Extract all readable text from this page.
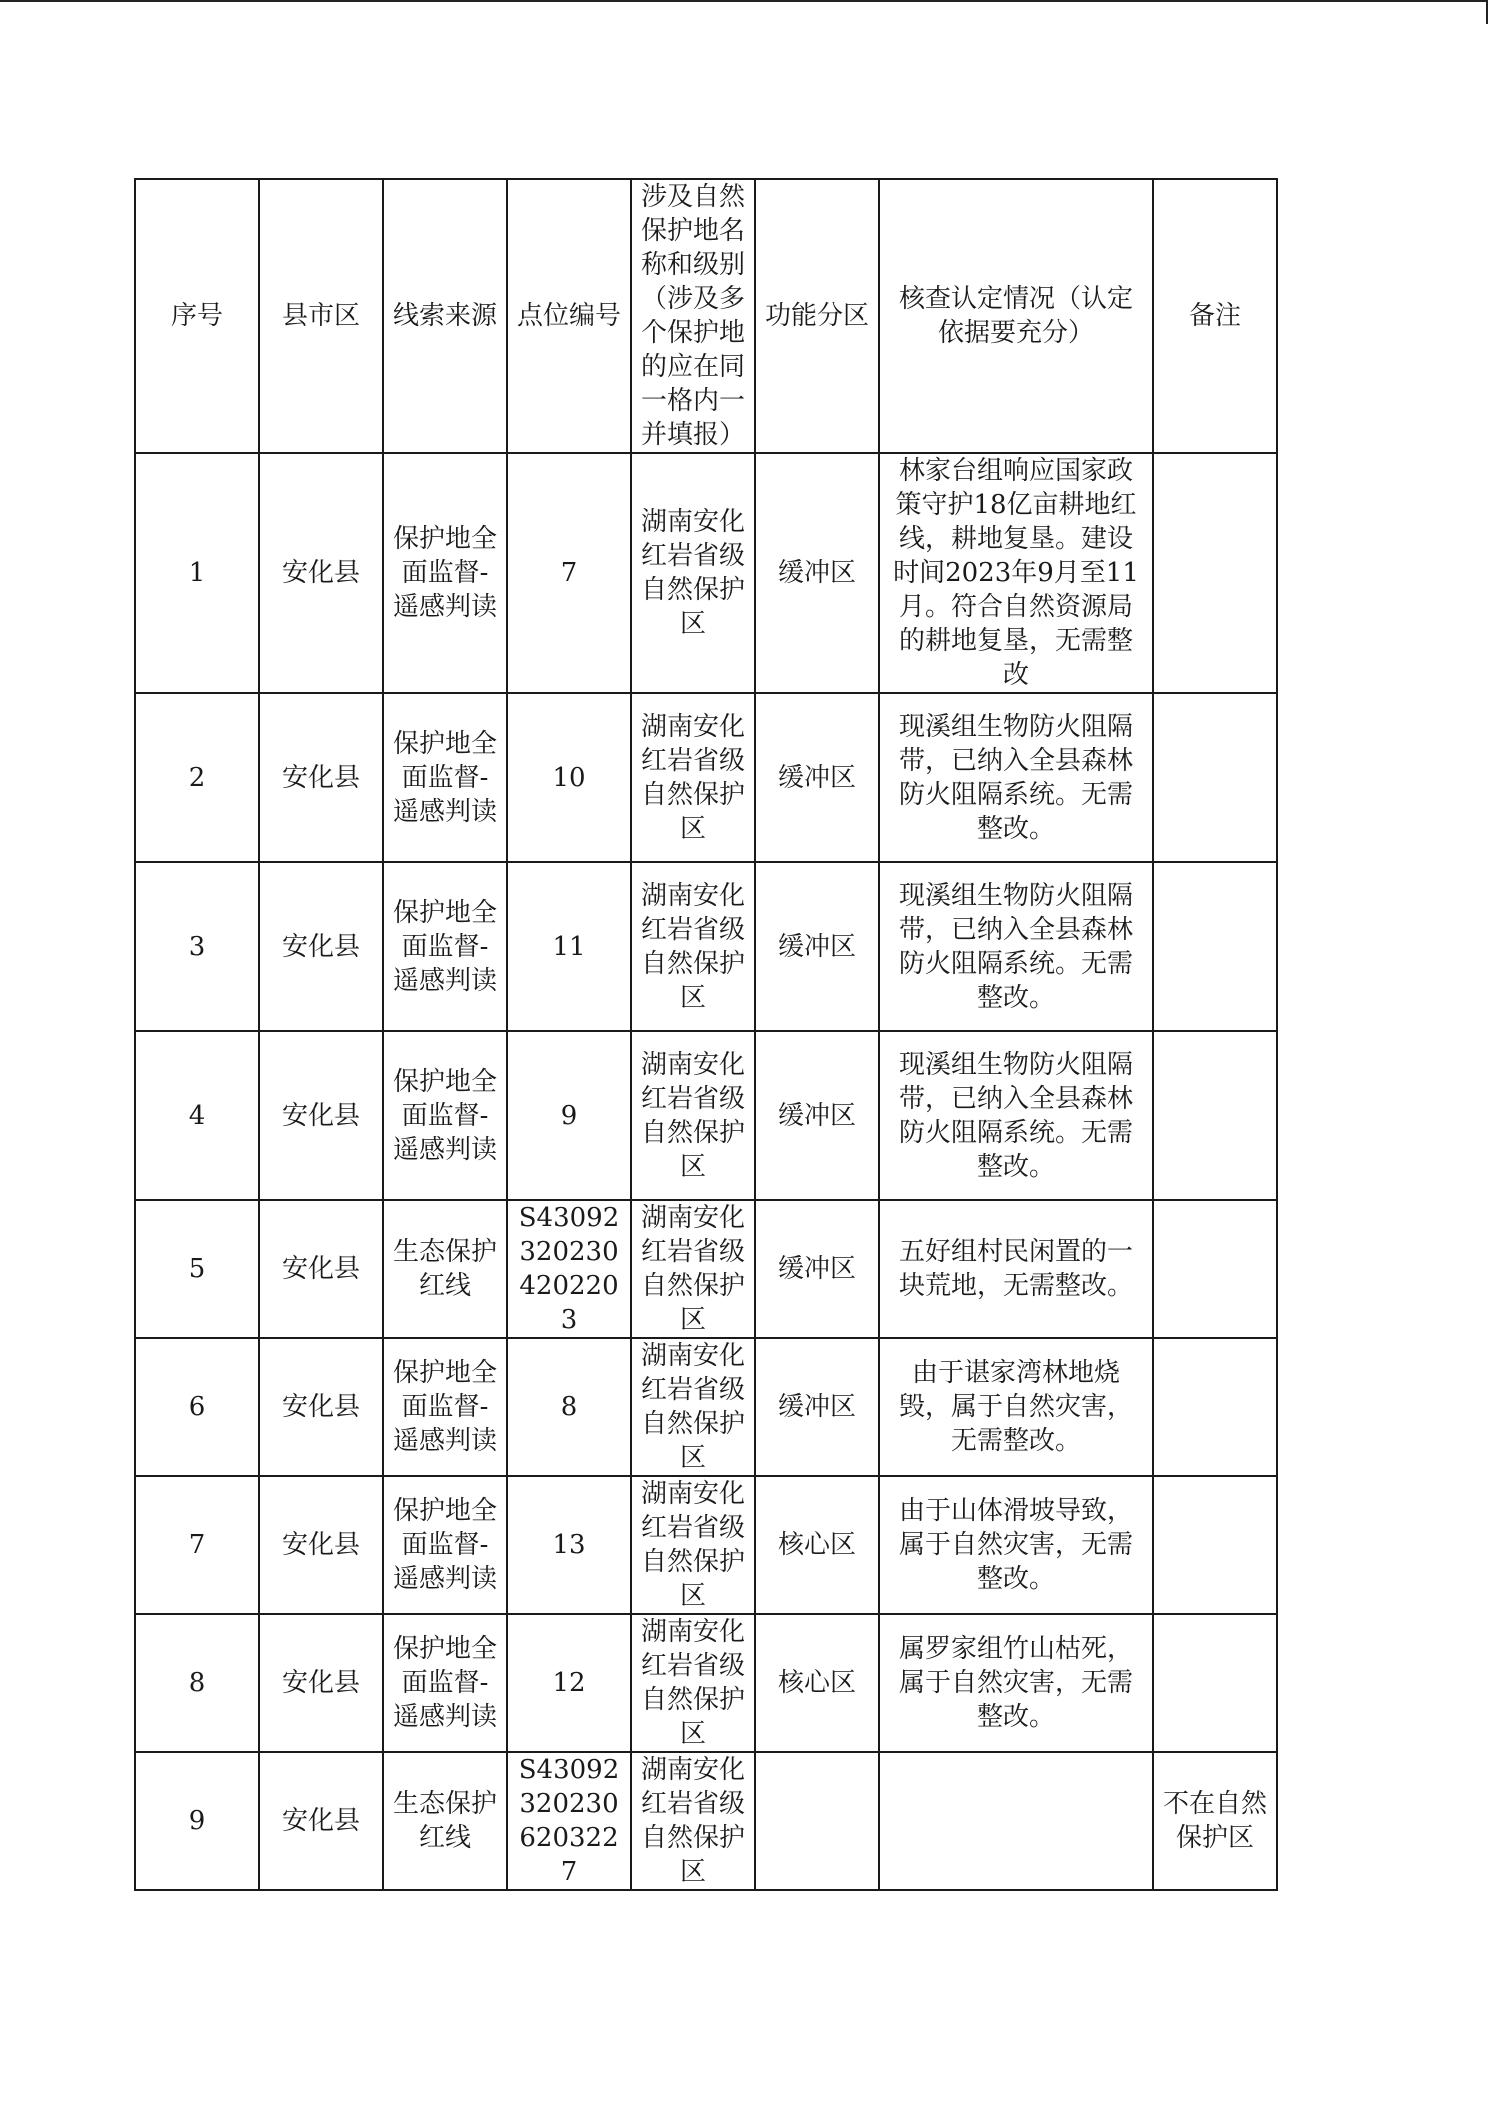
序号	县市区	线索来源	点位编号	涉及自然保护地名称和级别（涉及多个保护地的应在同一格内一并填报）	功能分区	核查认定情况（认定依据要充分）	备注
1	安化县	保护地全面监督-遥感判读	7	湖南安化红岩省级自然保护区	缓冲区	林家台组响应国家政策守护18亿亩耕地红线，耕地复垦。建设时间2023年9月至11月。符合自然资源局的耕地复垦，无需整改	
2	安化县	保护地全面监督-遥感判读	10	湖南安化红岩省级自然保护区	缓冲区	现溪组生物防火阻隔带，已纳入全县森林防火阻隔系统。无需整改。	
3	安化县	保护地全面监督-遥感判读	11	湖南安化红岩省级自然保护区	缓冲区	现溪组生物防火阻隔带，已纳入全县森林防火阻隔系统。无需整改。	
4	安化县	保护地全面监督-遥感判读	9	湖南安化红岩省级自然保护区	缓冲区	现溪组生物防火阻隔带，已纳入全县森林防火阻隔系统。无需整改。	
5	安化县	生态保护红线	S430923202304202203	湖南安化红岩省级自然保护区	缓冲区	五好组村民闲置的一块荒地，无需整改。	
6	安化县	保护地全面监督-遥感判读	8	湖南安化红岩省级自然保护区	缓冲区	由于谌家湾林地烧毁，属于自然灾害，无需整改。	
7	安化县	保护地全面监督-遥感判读	13	湖南安化红岩省级自然保护区	核心区	由于山体滑坡导致，属于自然灾害，无需整改。	
8	安化县	保护地全面监督-遥感判读	12	湖南安化红岩省级自然保护区	核心区	属罗家组竹山枯死，属于自然灾害，无需整改。	
9	安化县	生态保护红线	S430923202306203227	湖南安化红岩省级自然保护区			不在自然保护区
